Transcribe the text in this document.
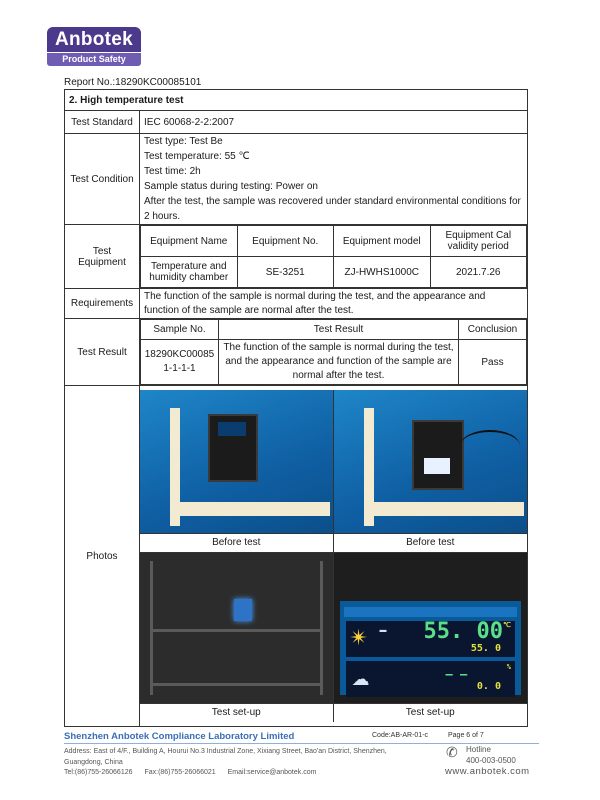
Anbotek
Product Safety
Report No.:18290KC00085101
2. High temperature test
Test Standard	IEC 60068-2-2:2007
Test Condition	
Test type: Test Be
Test temperature: 55 ℃
Test time: 2h
Sample status during testing: Power on
After the test, the sample was recovered under standard environmental conditions for 2 hours.

Test Equipment	
Equipment Name	Equipment No.	Equipment model	Equipment Cal validity period
Temperature and humidity chamber	SE-3251	ZJ-HWHS1000C	2021.7.26

Requirements	The function of the sample is normal during the test, and the appearance and function of the sample are normal after the test.
Test Result	
Sample No.	Test Result	Conclusion
18290KC000851-1-1-1	The function of the sample is normal during the test, and the appearance and function of the sample are normal after the test.	Pass

Photos	
Before test	Before test
✴ ▬ 55. 00 ℃
55. 0
☁	— —	%
0. 0
Test set-up	Test set-up
Shenzhen Anbotek Compliance Laboratory Limited	Code:AB-AR-01-c	Page 6 of 7
Address: East of 4/F., Building A, Hourui No.3 Industrial Zone, Xixiang Street, Bao'an District, Shenzhen, Guangdong, China
Tel:(86)755-26066126 Fax:(86)755-26066021 Email:service@anbotek.com
✆ Hotline
400-003-0500
www.anbotek.com
